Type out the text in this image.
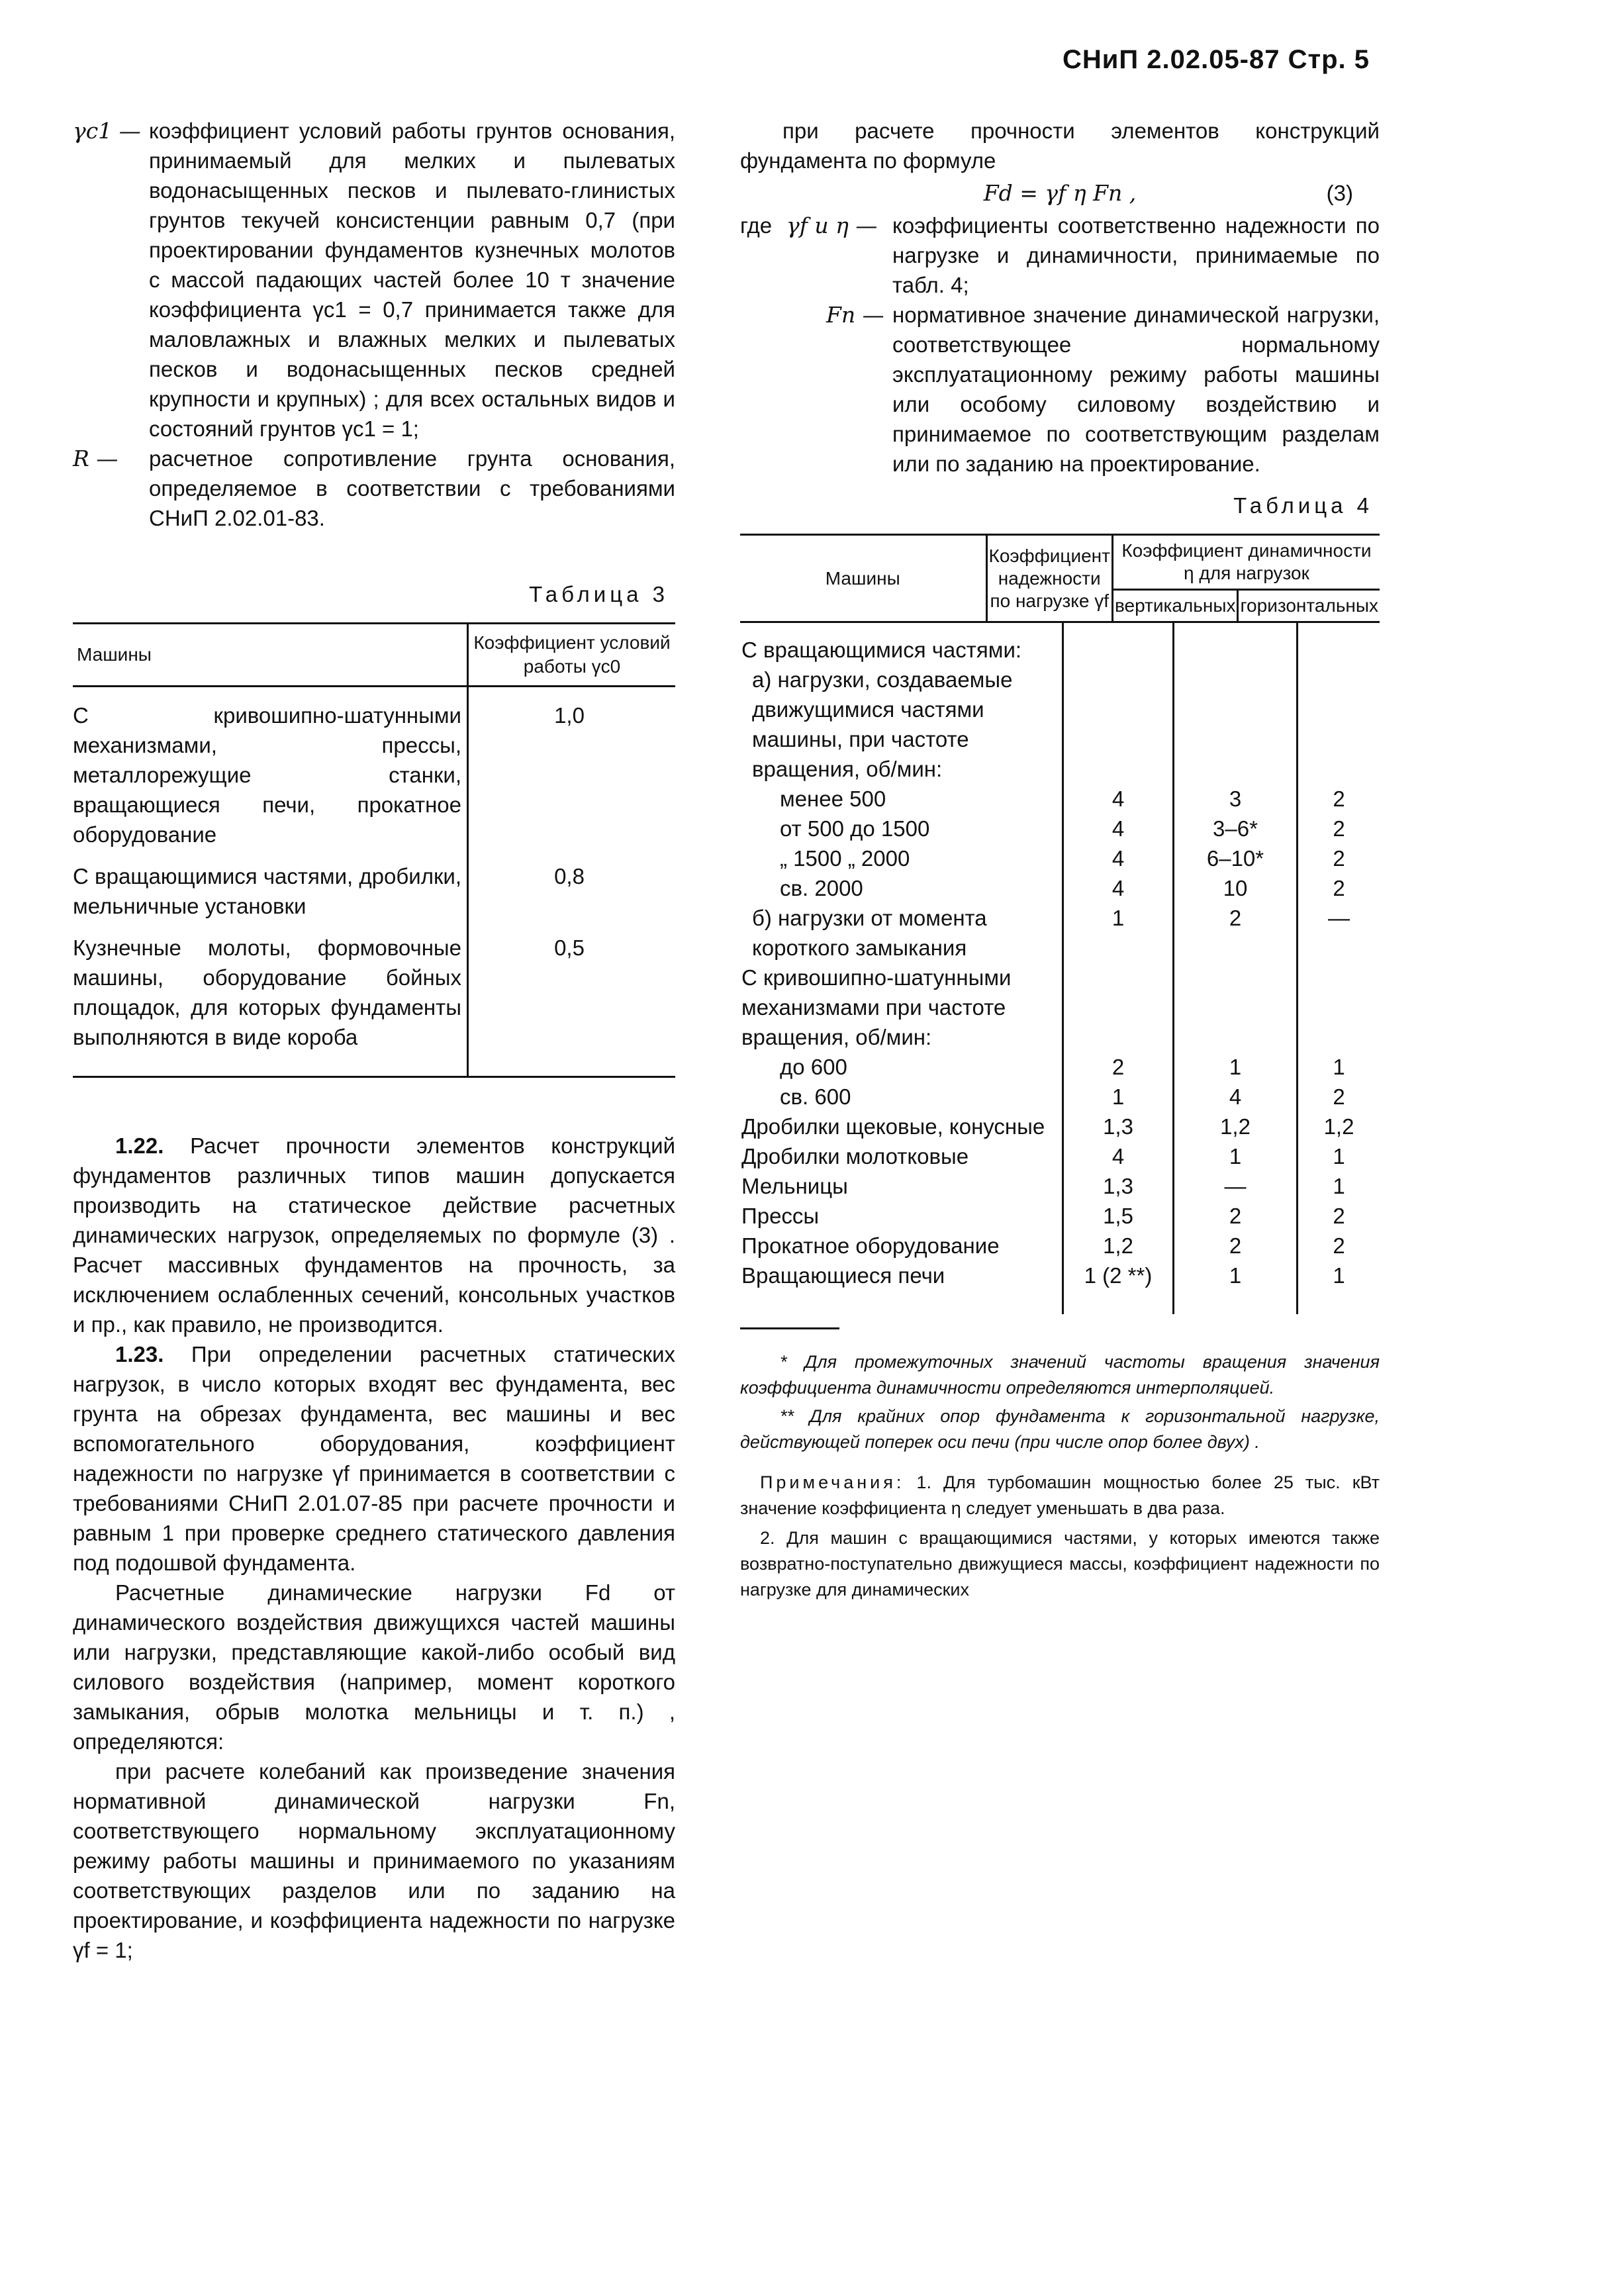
СНиП 2.02.05-87 Стр. 5
γc1 — коэффициент условий работы грунтов основания, принимаемый для мелких и пылеватых водонасыщенных песков и пылевато-глинистых грунтов текучей консистенции равным 0,7 (при проектировании фундаментов кузнечных молотов с массой падающих частей более 10 т значение коэффициента γc1 = 0,7 принимается также для маловлажных и влажных мелких и пылеватых песков и водонасыщенных песков средней крупности и крупных) ; для всех остальных видов и состояний грунтов γc1 = 1;
R —	расчетное сопротивление грунта основания, определяемое в соответствии с требованиями СНиП 2.02.01-83.
Таблица 3
Машины	Коэффициент условий работы γc0

С кривошипно-шатунными механизмами, прессы, металлорежущие станки, вращающиеся печи, прокатное оборудование	1,0
С вращающимися частями, дробилки, мельничные установки	0,8
Кузнечные молоты, формовочные машины, оборудование бойных площадок, для которых фундаменты выполняются в виде короба	0,5

1.22. Расчет прочности элементов конструкций фундаментов различных типов машин допускается производить на статическое действие расчетных динамических нагрузок, определяемых по формуле (3) . Расчет массивных фундаментов на прочность, за исключением ослабленных сечений, консольных участков и пр., как правило, не производится.

1.23. При определении расчетных статических нагрузок, в число которых входят вес фундамента, вес грунта на обрезах фундамента, вес машины и вес вспомогательного оборудования, коэффициент надежности по нагрузке γf принимается в соответствии с требованиями СНиП 2.01.07-85 при расчете прочности и равным 1 при проверке среднего статического давления под подошвой фундамента.

Расчетные динамические нагрузки Fd от динамического воздействия движущихся частей машины или нагрузки, представляющие какой-либо особый вид силового воздействия (например, момент короткого замыкания, обрыв молотка мельницы и т. п.) , определяются:

при расчете колебаний как произведение значения нормативной динамической нагрузки Fn, соответствующего нормальному эксплуатационному режиму работы машины и принимаемого по указаниям соответствующих разделов или по заданию на проектирование, и коэффициента надежности по нагрузке γf = 1;

при расчете прочности элементов конструкций фундамента по формуле

Fd = γf η Fn ,	(3)
где γf и η — коэффициенты соответственно надежности по нагрузке и динамичности, принимаемые по табл. 4;
Fn — нормативное значение динамической нагрузки, соответствующее нормальному эксплуатационному режиму работы машины или особому силовому воздействию и принимаемое по соответствующим разделам или по заданию на проектирование.
Таблица 4
Машины	Коэффициент надежности по нагрузке γf	Коэффициент динамичности η для нагрузок	
		вертикальных	горизонтальных
С вращающимися частями:			
а) нагрузки, создаваемые движущимися частями машины, при частоте вращения, об/мин:			
менее 500	4	3	2
от 500 до 1500	4	3–6*	2
„ 1500 „ 2000	4	6–10*	2
св. 2000	4	10	2
б) нагрузки от момента короткого замыкания	1	2	—
С кривошипно-шатунными механизмами при частоте вращения, об/мин:			
до 600	2	1	1
св. 600	1	4	2
Дробилки щековые, конусные	1,3	1,2	1,2
Дробилки молотковые	4	1	1
Мельницы	1,3	—	1
Прессы	1,5	2	2
Прокатное оборудование	1,2	2	2
Вращающиеся печи	1 (2 **)	1	1

* Для промежуточных значений частоты вращения значения коэффициента динамичности определяются интерполяцией.

** Для крайних опор фундамента к горизонтальной нагрузке, действующей поперек оси печи (при числе опор более двух) .

Примечания: 1. Для турбомашин мощностью более 25 тыс. кВт значение коэффициента η следует уменьшать в два раза.

2. Для машин с вращающимися частями, у которых имеются также возвратно-поступательно движущиеся массы, коэффициент надежности по нагрузке для динамических
